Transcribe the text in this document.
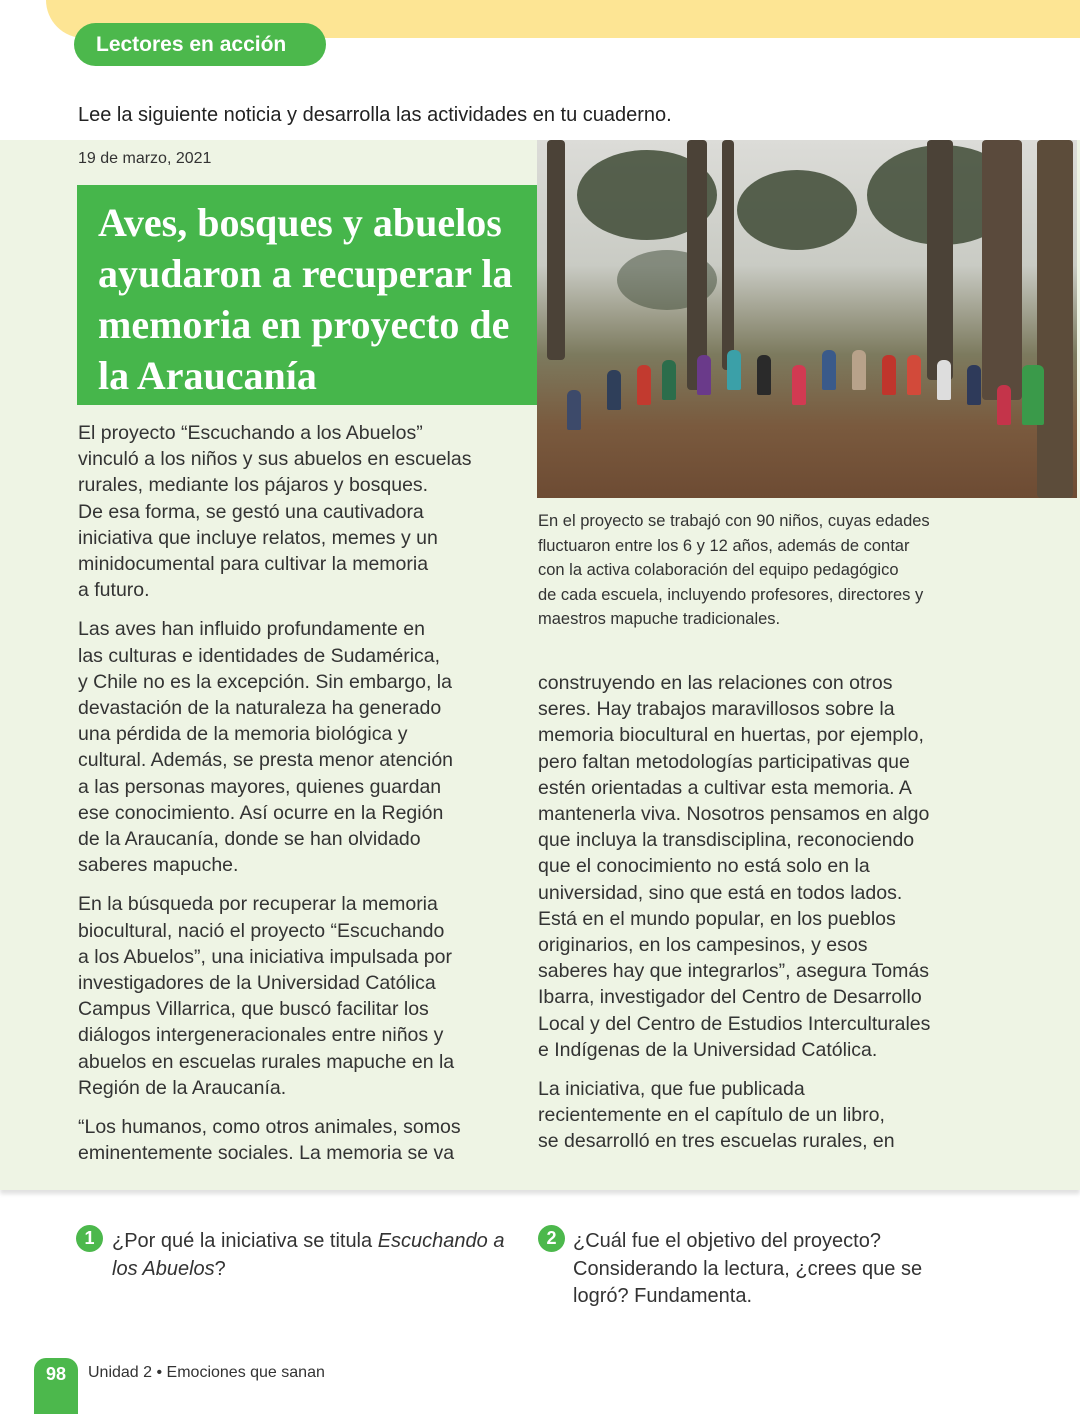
Lectores en acción
Lee la siguiente noticia y desarrolla las actividades en tu cuaderno.
19 de marzo, 2021
Aves, bosques y abuelos
ayudaron a recuperar la
memoria en proyecto de
la Araucanía
En el proyecto se trabajó con 90 niños, cuyas edades
fluctuaron entre los 6 y 12 años, además de contar
con la activa colaboración del equipo pedagógico
de cada escuela, incluyendo profesores, directores y
maestros mapuche tradicionales.
El proyecto “Escuchando a los Abuelos”
vinculó a los niños y sus abuelos en escuelas
rurales, mediante los pájaros y bosques.
De esa forma, se gestó una cautivadora
iniciativa que incluye relatos, memes y un
minidocumental para cultivar la memoria
a futuro.
Las aves han influido profundamente en
las culturas e identidades de Sudamérica,
y Chile no es la excepción. Sin embargo, la
devastación de la naturaleza ha generado
una pérdida de la memoria biológica y
cultural. Además, se presta menor atención
a las personas mayores, quienes guardan
ese conocimiento. Así ocurre en la Región
de la Araucanía, donde se han olvidado
saberes mapuche.
En la búsqueda por recuperar la memoria
biocultural, nació el proyecto “Escuchando
a los Abuelos”, una iniciativa impulsada por
investigadores de la Universidad Católica
Campus Villarrica, que buscó facilitar los
diálogos intergeneracionales entre niños y
abuelos en escuelas rurales mapuche en la
Región de la Araucanía.
“Los humanos, como otros animales, somos
eminentemente sociales. La memoria se va
construyendo en las relaciones con otros
seres. Hay trabajos maravillosos sobre la
memoria biocultural en huertas, por ejemplo,
pero faltan metodologías participativas que
estén orientadas a cultivar esta memoria. A
mantenerla viva. Nosotros pensamos en algo
que incluya la transdisciplina, reconociendo
que el conocimiento no está solo en la
universidad, sino que está en todos lados.
Está en el mundo popular, en los pueblos
originarios, en los campesinos, y esos
saberes hay que integrarlos”, asegura Tomás
Ibarra, investigador del Centro de Desarrollo
Local y del Centro de Estudios Interculturales
e Indígenas de la Universidad Católica.
La iniciativa, que fue publicada
recientemente en el capítulo de un libro,
se desarrolló en tres escuelas rurales, en
1 ¿Por qué la iniciativa se titula Escuchando a los Abuelos?
2 ¿Cuál fue el objetivo del proyecto? Considerando la lectura, ¿crees que se logró? Fundamenta.
98	Unidad 2 • Emociones que sanan
